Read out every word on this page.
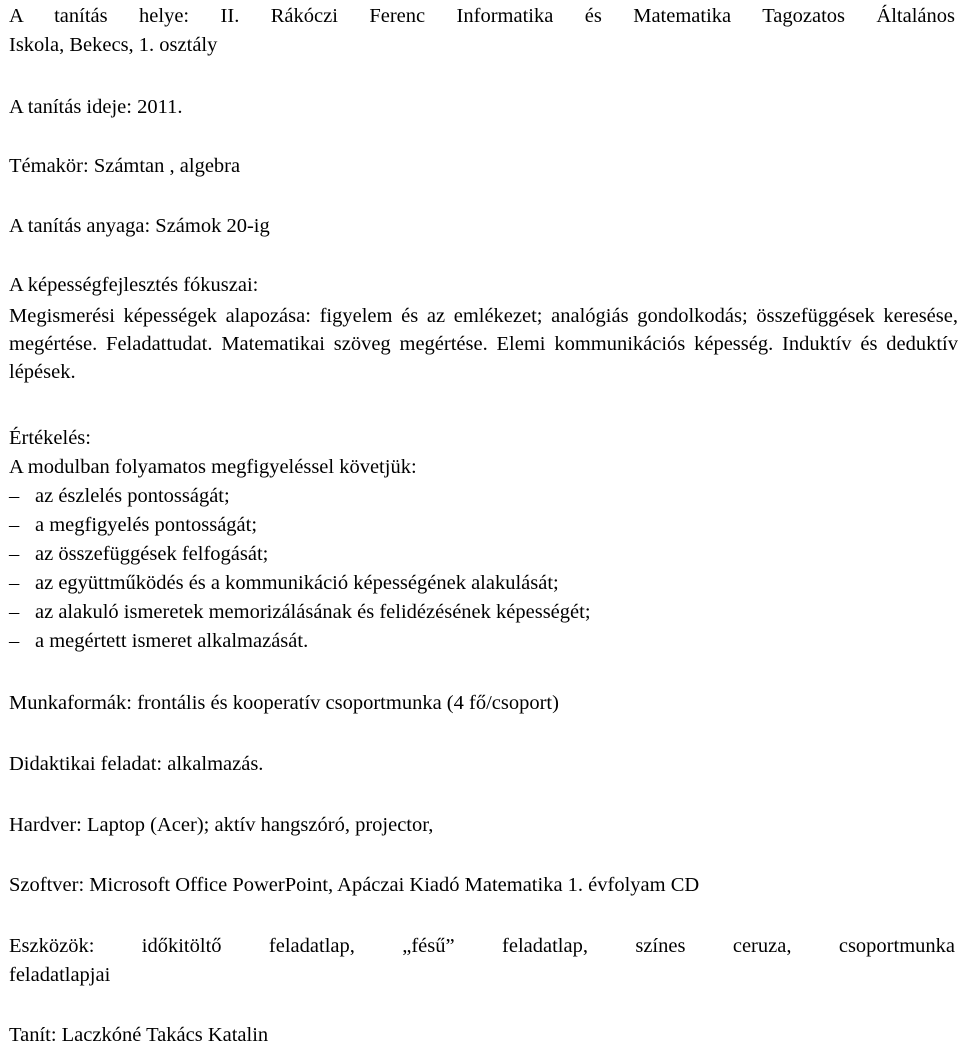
A tanítás helye: II. Rákóczi Ferenc Informatika és Matematika Tagozatos Általános
Iskola, Bekecs, 1. osztály
A tanítás ideje: 2011.
Témakör: Számtan , algebra
A tanítás anyaga: Számok 20-ig
A képességfejlesztés fókuszai:
Megismerési képességek alapozása: figyelem és az emlékezet; analógiás gondolkodás; összefüggések keresése, megértése. Feladattudat. Matematikai szöveg megértése. Elemi kommunikációs képesség. Induktív és deduktív lépések.
Értékelés:
A modulban folyamatos megfigyeléssel követjük:
– az észlelés pontosságát;
– a megfigyelés pontosságát;
– az összefüggések felfogását;
– az együttműködés és a kommunikáció képességének alakulását;
– az alakuló ismeretek memorizálásának és felidézésének képességét;
– a megértett ismeret alkalmazását.
Munkaformák: frontális és kooperatív csoportmunka (4 fő/csoport)
Didaktikai feladat: alkalmazás.
Hardver: Laptop (Acer); aktív hangszóró, projector,
Szoftver: Microsoft Office PowerPoint, Apáczai Kiadó Matematika 1. évfolyam CD
Eszközök: időkitöltő feladatlap, „fésű” feladatlap, színes ceruza, csoportmunka
feladatlapjai
Tanít: Laczkóné Takács Katalin
